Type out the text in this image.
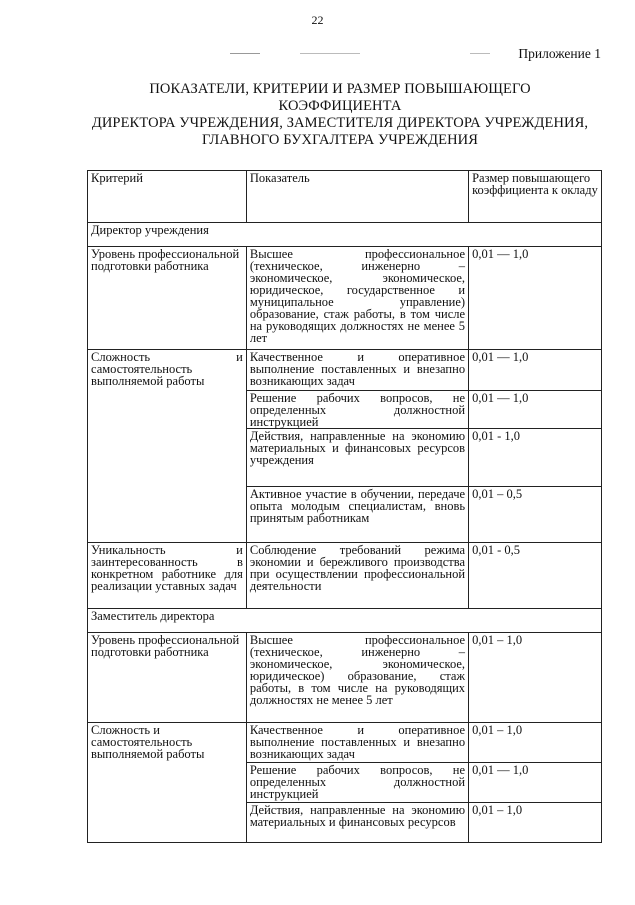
22
Приложение 1
ПОКАЗАТЕЛИ, КРИТЕРИИ И РАЗМЕР ПОВЫШАЮЩЕГО
КОЭФФИЦИЕНТА
ДИРЕКТОРА УЧРЕЖДЕНИЯ, ЗАМЕСТИТЕЛЯ ДИРЕКТОРА УЧРЕЖДЕНИЯ,
ГЛАВНОГО БУХГАЛТЕРА УЧРЕЖДЕНИЯ
Критерий	Показатель	Размер повышающего коэффициента к окладу
Директор учреждения		
Уровень профессиональной подготовки работника	Высшее профессиональное (техническое, инженерно – экономическое, экономическое, юридическое, государственное и муниципальное управление) образование, стаж работы, в том числе на руководящих должностях не менее 5 лет	0,01 — 1,0
Сложность и самостоятельность выполняемой работы	Качественное и оперативное выполнение поставленных и внезапно возникающих задач	0,01 — 1,0
	Решение рабочих вопросов, не определенных должностной инструкцией	0,01 — 1,0
	Действия, направленные на экономию материальных и финансовых ресурсов учреждения	0,01 - 1,0
	Активное участие в обучении, передаче опыта молодым специалистам, вновь принятым работникам	0,01 – 0,5
Уникальность и заинтересованность в конкретном работнике для реализации уставных задач	Соблюдение требований режима экономии и бережливого производства при осуществлении профессиональной деятельности	0,01 - 0,5
Заместитель директора		
Уровень профессиональной подготовки работника	Высшее профессиональное (техническое, инженерно – экономическое, экономическое, юридическое) образование, стаж работы, в том числе на руководящих должностях не менее 5 лет	0,01 – 1,0
Сложность и самостоятельность выполняемой работы	Качественное и оперативное выполнение поставленных и внезапно возникающих задач	0,01 – 1,0
	Решение рабочих вопросов, не определенных должностной инструкцией	0,01 — 1,0
	Действия, направленные на экономию материальных и финансовых ресурсов	0,01 – 1,0
